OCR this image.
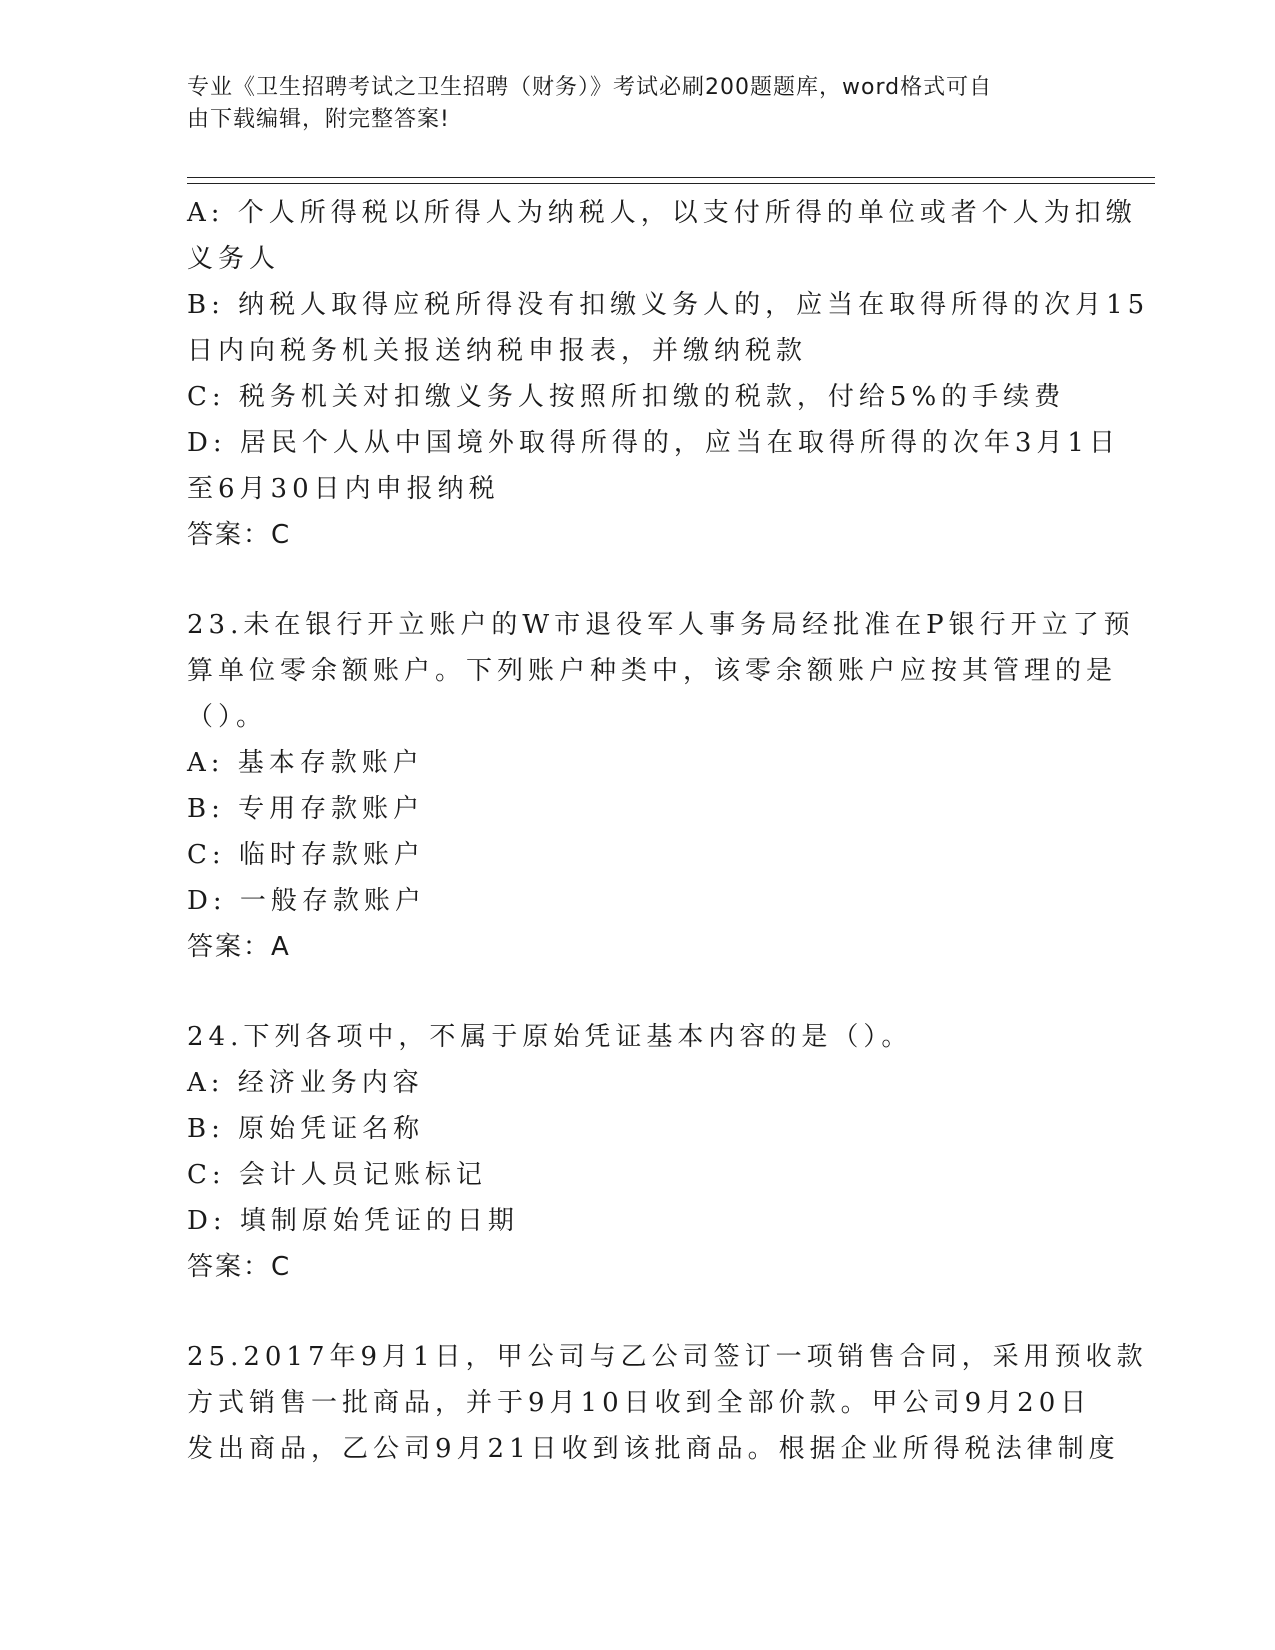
专业《卫生招聘考试之卫生招聘（财务）》考试必刷200题题库，word格式可自
由下载编辑，附完整答案!
A: 个人所得税以所得人为纳税人，以支付所得的单位或者个人为扣缴
义务人
B: 纳税人取得应税所得没有扣缴义务人的，应当在取得所得的次月15
日内向税务机关报送纳税申报表，并缴纳税款
C: 税务机关对扣缴义务人按照所扣缴的税款，付给5%的手续费
D: 居民个人从中国境外取得所得的，应当在取得所得的次年3月1日
至6月30日内申报纳税
答案：C
23.未在银行开立账户的W市退役军人事务局经批准在P银行开立了预
算单位零余额账户。下列账户种类中，该零余额账户应按其管理的是
（）。
A: 基本存款账户
B: 专用存款账户
C: 临时存款账户
D: 一般存款账户
答案：A
24.下列各项中，不属于原始凭证基本内容的是（）。
A: 经济业务内容
B: 原始凭证名称
C: 会计人员记账标记
D: 填制原始凭证的日期
答案：C
25.2017年9月1日，甲公司与乙公司签订一项销售合同，采用预收款
方式销售一批商品，并于9月10日收到全部价款。甲公司9月20日
发出商品，乙公司9月21日收到该批商品。根据企业所得税法律制度
